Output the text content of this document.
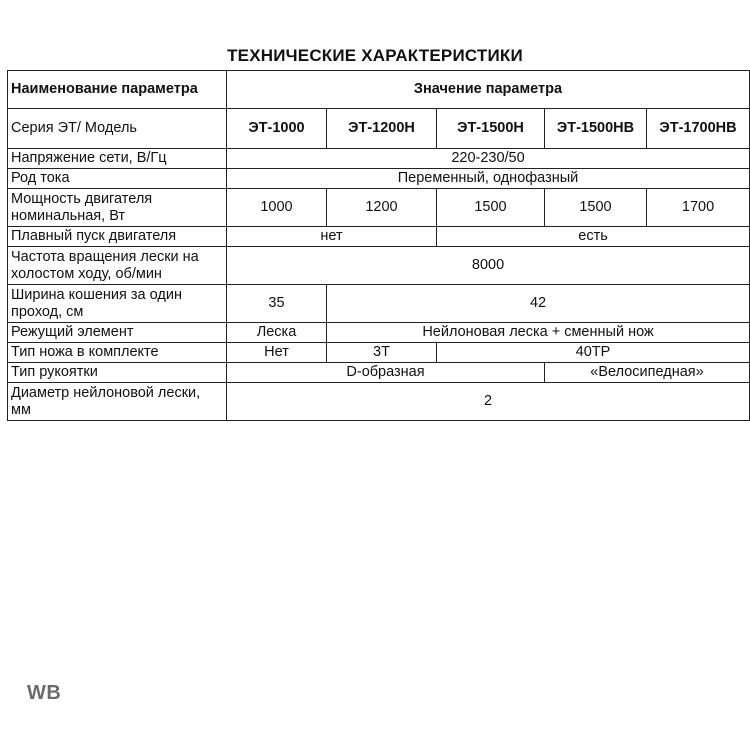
ТЕХНИЧЕСКИЕ ХАРАКТЕРИСТИКИ
Наименование параметра	Значение параметра				
Серия ЭТ/ Модель	ЭТ-1000	ЭТ-1200Н	ЭТ-1500Н	ЭТ-1500НВ	ЭТ-1700НВ
Напряжение сети, В/Гц	220-230/50				
Род тока	Переменный, однофазный				
Мощность двигателя номинальная, Вт	1000	1200	1500	1500	1700
Плавный пуск двигателя	нет		есть		
Частота вращения лески на холостом ходу, об/мин	8000				
Ширина кошения за один проход, см	35	42			
Режущий элемент	Леска	Нейлоновая леска + сменный нож			
Тип ножа в комплекте	Нет	3Т	40ТР		
Тип рукоятки	D-образная			«Велосипедная»	
Диаметр нейлоновой лески, мм	2				
WB
